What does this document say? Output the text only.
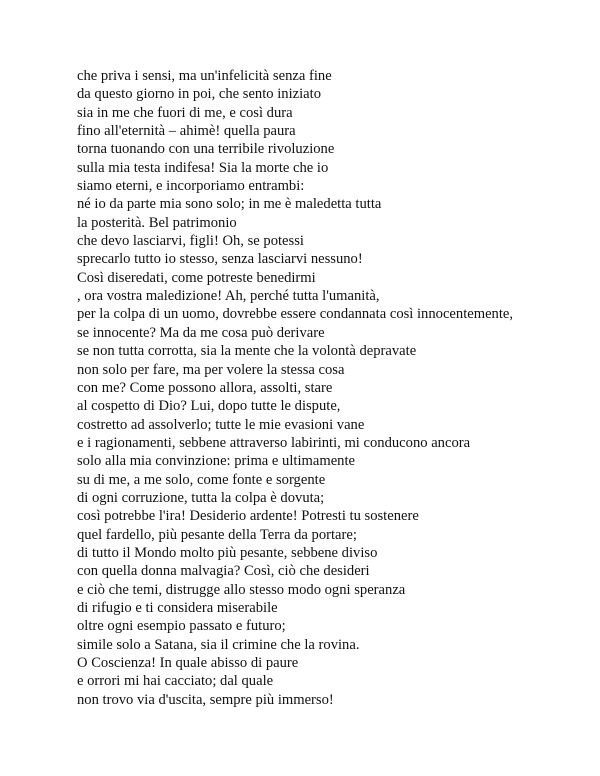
che priva i sensi, ma un'infelicità senza fine
da questo giorno in poi, che sento iniziato
sia in me che fuori di me, e così dura
fino all'eternità – ahimè! quella paura
torna tuonando con una terribile rivoluzione
sulla mia testa indifesa! Sia la morte che io
siamo eterni, e incorporiamo entrambi:
né io da parte mia sono solo; in me è maledetta tutta
la posterità. Bel patrimonio
che devo lasciarvi, figli! Oh, se potessi
sprecarlo tutto io stesso, senza lasciarvi nessuno!
Così diseredati, come potreste benedirmi
, ora vostra maledizione! Ah, perché tutta l'umanità,
per la colpa di un uomo, dovrebbe essere condannata così innocentemente,
se innocente? Ma da me cosa può derivare
se non tutta corrotta, sia la mente che la volontà depravate
non solo per fare, ma per volere la stessa cosa
con me? Come possono allora, assolti, stare
al cospetto di Dio? Lui, dopo tutte le dispute,
costretto ad assolverlo; tutte le mie evasioni vane
e i ragionamenti, sebbene attraverso labirinti, mi conducono ancora
solo alla mia convinzione: prima e ultimamente
su di me, a me solo, come fonte e sorgente
di ogni corruzione, tutta la colpa è dovuta;
così potrebbe l'ira! Desiderio ardente! Potresti tu sostenere
quel fardello, più pesante della Terra da portare;
di tutto il Mondo molto più pesante, sebbene diviso
con quella donna malvagia? Così, ciò che desideri
e ciò che temi, distrugge allo stesso modo ogni speranza
di rifugio e ti considera miserabile
oltre ogni esempio passato e futuro;
simile solo a Satana, sia il crimine che la rovina.
O Coscienza! In quale abisso di paure
e orrori mi hai cacciato; dal quale
non trovo via d'uscita, sempre più immerso!
